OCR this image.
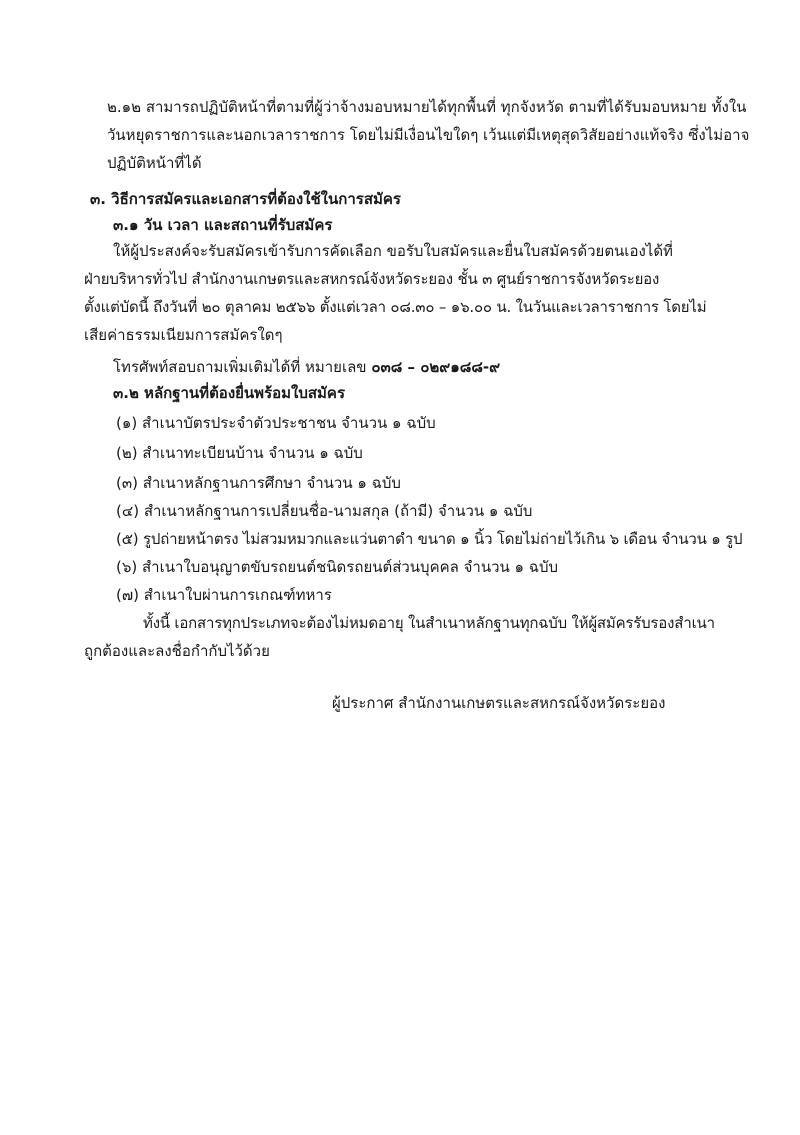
๒.๑๒ สามารถปฏิบัติหน้าที่ตามที่ผู้ว่าจ้างมอบหมายได้ทุกพื้นที่ ทุกจังหวัด ตามที่ได้รับมอบหมาย ทั้งใน
วันหยุดราชการและนอกเวลาราชการ โดยไม่มีเงื่อนไขใดๆ เว้นแต่มีเหตุสุดวิสัยอย่างแท้จริง ซึ่งไม่อาจ
ปฏิบัติหน้าที่ได้
๓. วิธีการสมัครและเอกสารที่ต้องใช้ในการสมัคร
๓.๑ วัน เวลา และสถานที่รับสมัคร
ให้ผู้ประสงค์จะรับสมัครเข้ารับการคัดเลือก ขอรับใบสมัครและยื่นใบสมัครด้วยตนเองได้ที่
ฝ่ายบริหารทั่วไป สำนักงานเกษตรและสหกรณ์จังหวัดระยอง ชั้น ๓ ศูนย์ราชการจังหวัดระยอง
ตั้งแต่บัดนี้ ถึงวันที่ ๒๐ ตุลาคม ๒๕๖๖ ตั้งแต่เวลา ๐๘.๓๐ – ๑๖.๐๐ น. ในวันและเวลาราชการ โดยไม่
เสียค่าธรรมเนียมการสมัครใดๆ
โทรศัพท์สอบถามเพิ่มเติมได้ที่ หมายเลข ๐๓๘ – ๐๒๙๑๘๘-๙
๓.๒ หลักฐานที่ต้องยื่นพร้อมใบสมัคร
(๑) สำเนาบัตรประจำตัวประชาชน จำนวน ๑ ฉบับ
(๒) สำเนาทะเบียนบ้าน จำนวน ๑ ฉบับ
(๓) สำเนาหลักฐานการศึกษา จำนวน ๑ ฉบับ
(๔) สำเนาหลักฐานการเปลี่ยนชื่อ-นามสกุล (ถ้ามี) จำนวน ๑ ฉบับ
(๕) รูปถ่ายหน้าตรง ไม่สวมหมวกและแว่นตาดำ ขนาด ๑ นิ้ว โดยไม่ถ่ายไว้เกิน ๖ เดือน จำนวน ๑ รูป
(๖) สำเนาใบอนุญาตขับรถยนต์ชนิดรถยนต์ส่วนบุคคล จำนวน ๑ ฉบับ
(๗) สำเนาใบผ่านการเกณฑ์ทหาร
ทั้งนี้ เอกสารทุกประเภทจะต้องไม่หมดอายุ ในสำเนาหลักฐานทุกฉบับ ให้ผู้สมัครรับรองสำเนา
ถูกต้องและลงชื่อกำกับไว้ด้วย
ผู้ประกาศ สำนักงานเกษตรและสหกรณ์จังหวัดระยอง
